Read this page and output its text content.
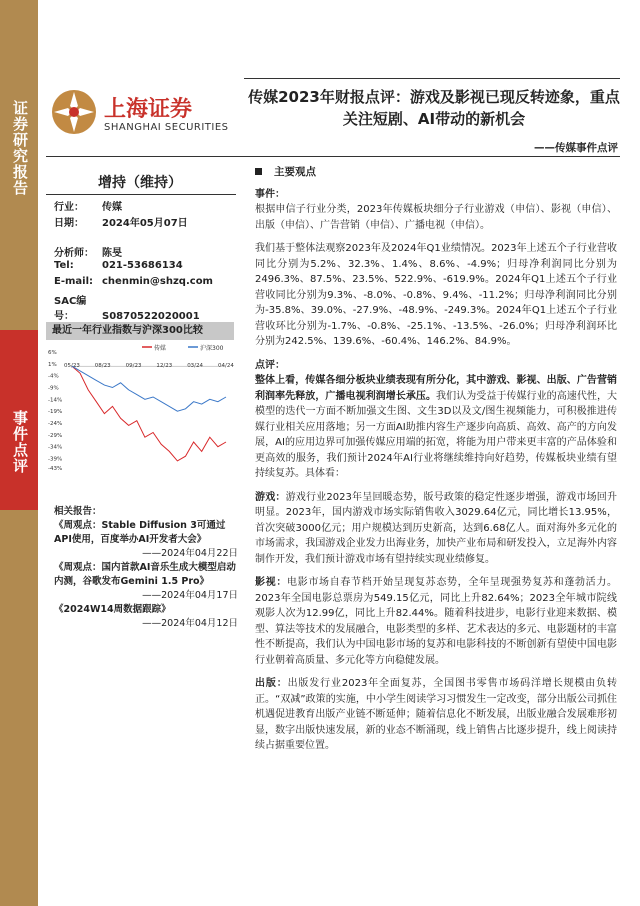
证券研究报告
事件点评
上海证券
SHANGHAI SECURITIES
传媒2023年财报点评：游戏及影视已现反转迹象，重点关注短剧、AI带动的新机会
——传媒事件点评
增持（维持）
行业： 传媒
日期： 2024年05月07日
分析师： 陈旻
Tel:	021-53686134
E-mail: chenmin@shzq.com
SAC编号：	S0870522020001
最近一年行业指数与沪深300比较
传媒	沪深300
6%
1%
-4%
-9%
-14%
-19%
-24%
-29%
-34%
-39%
-43%
05/23	08/23	09/23	12/23	03/24	04/24
相关报告：
《周观点：Stable Diffusion 3可通过API使用，百度举办AI开发者大会》
——2024年04月22日
《周观点：国内首款AI音乐生成大模型启动内测，谷歌发布Gemini 1.5 Pro》
——2024年04月17日
《2024W14周数据跟踪》
——2024年04月12日
主要观点
事件：

根据申信子行业分类，2023年传媒板块细分子行业游戏（申信）、影视（申信）、出版（申信）、广告营销（申信）、广播电视（申信）。

我们基于整体法观察2023年及2024年Q1业绩情况。2023年上述五个子行业营收同比分别为5.2%、32.3%、1.4%、8.6%、-4.9%；归母净利润同比分别为2496.3%、87.5%、23.5%、522.9%、-619.9%。2024年Q1上述五个子行业营收同比分别为9.3%、-8.0%、-0.8%、9.4%、-11.2%；归母净利润同比分别为-35.8%、39.0%、-27.9%、-48.9%、-249.3%。2024年Q1上述五个子行业营收环比分别为-1.7%、-0.8%、-25.1%、-13.5%、-26.0%；归母净利润环比分别为242.5%、139.6%、-60.4%、146.2%、84.9%。

点评：

整体上看，传媒各细分板块业绩表现有所分化，其中游戏、影视、出版、广告营销利润率先释放，广播电视利润增长承压。我们认为受益于传媒行业的高速代性，大模型的迭代一方面不断加强文生图、文生3D以及文/图生视频能力，可积极推进传媒行业相关应用落地；另一方面AI助推内容生产逐步向高质、高效、高产的方向发展，AI的应用边界可加强传媒应用端的拓宽，将能为用户带来更丰富的产品体验和更高效的服务，我们预计2024年AI行业将继续维持向好趋势，传媒板块业绩有望持续复苏。具体看：

游戏：游戏行业2023年呈回暖态势，版号政策的稳定性逐步增强，游戏市场回升明显。2023年，国内游戏市场实际销售收入3029.64亿元，同比增长13.95%，首次突破3000亿元；用户规模达到历史新高，达到6.68亿人。面对海外多元化的市场需求，我国游戏企业发力出海业务，加快产业布局和研发投入，立足海外内容制作开发，我们预计游戏市场有望持续实现业绩修复。

影视：电影市场自春节档开始呈现复苏态势，全年呈现强势复苏和蓬勃活力。2023年全国电影总票房为549.15亿元，同比上升82.64%；2023全年城市院线观影人次为12.99亿，同比上升82.44%。随着科技进步，电影行业迎来数据、模型、算法等技术的发展融合，电影类型的多样、艺术表达的多元、电影题材的丰富性不断提高，我们认为中国电影市场的复苏和电影科技的不断创新有望使中国电影行业朝着高质量、多元化等方向稳健发展。

出版：出版发行业2023年全面复苏，全国图书零售市场码洋增长规模由负转正。“双减”政策的实施，中小学生阅读学习习惯发生一定改变，部分出版公司抓住机遇促进教育出版产业链不断延伸；随着信息化不断发展，出版业融合发展难形初显，数字出版快速发展，新的业态不断涌现，线上销售占比逐步提升，线上阅读持续占据重要位置。
